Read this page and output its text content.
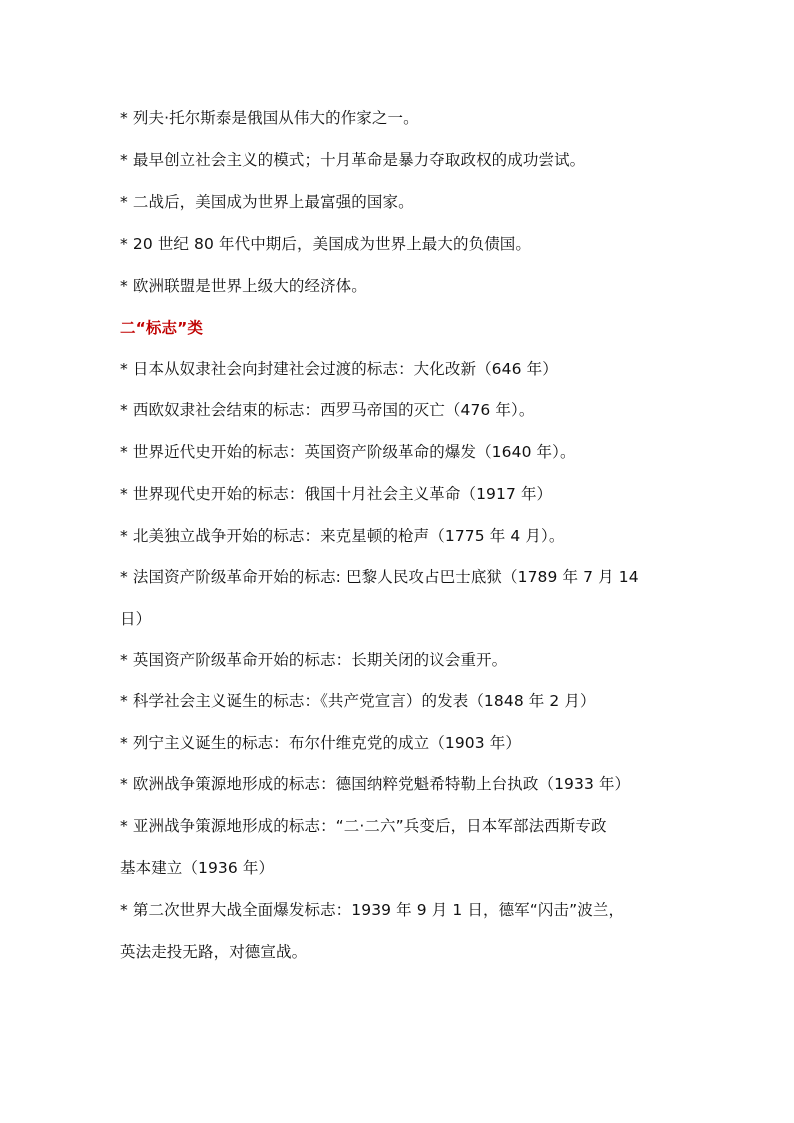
* 列夫·托尔斯泰是俄国从伟大的作家之一。
* 最早创立社会主义的模式；十月革命是暴力夺取政权的成功尝试。
* 二战后，美国成为世界上最富强的国家。
* 20 世纪 80 年代中期后，美国成为世界上最大的负债国。
* 欧洲联盟是世界上级大的经济体。
二“标志”类
* 日本从奴隶社会向封建社会过渡的标志：大化改新（646 年）
* 西欧奴隶社会结束的标志：西罗马帝国的灭亡（476 年）。
* 世界近代史开始的标志：英国资产阶级革命的爆发（1640 年）。
* 世界现代史开始的标志：俄国十月社会主义革命（1917 年）
* 北美独立战争开始的标志：来克星顿的枪声（1775 年 4 月）。
* 法国资产阶级革命开始的标志: 巴黎人民攻占巴士底狱（1789 年 7 月 14
日）
* 英国资产阶级革命开始的标志：长期关闭的议会重开。
* 科学社会主义诞生的标志：《共产党宣言）的发表（1848 年 2 月）
* 列宁主义诞生的标志：布尔什维克党的成立（1903 年）
* 欧洲战争策源地形成的标志：德国纳粹党魁希特勒上台执政（1933 年）
* 亚洲战争策源地形成的标志：“二·二六”兵变后，日本军部法西斯专政
基本建立（1936 年）
* 第二次世界大战全面爆发标志：1939 年 9 月 1 日，德军“闪击”波兰，
英法走投无路，对德宣战。
